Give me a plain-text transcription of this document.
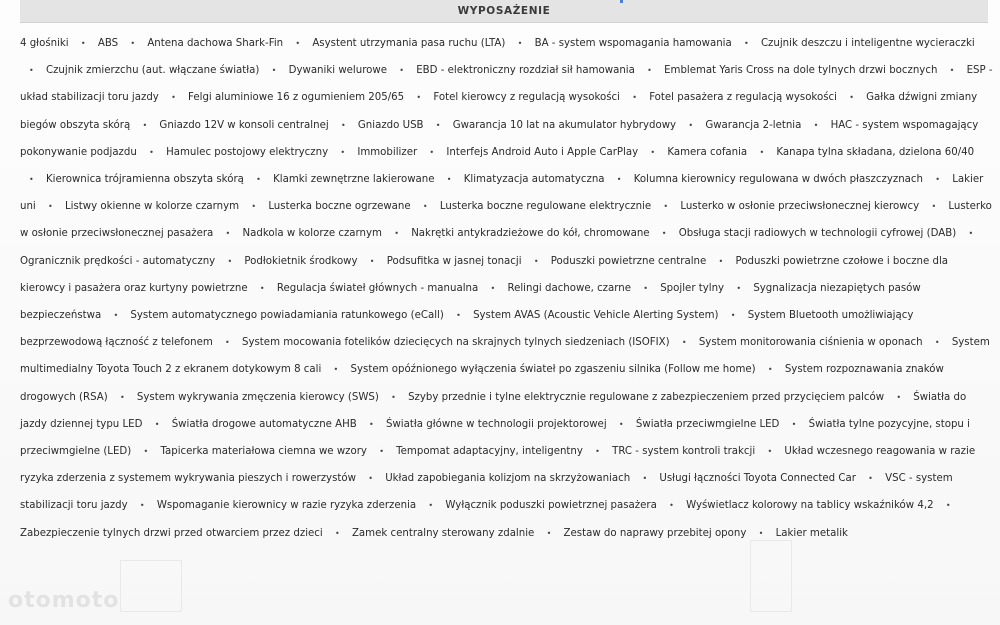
WYPOSAŻENIE

4 głośniki • ABS • Antena dachowa Shark-Fin • Asystent utrzymania pasa ruchu (LTA) • BA - system wspomagania hamowania • Czujnik deszczu i inteligentne wycieraczki • Czujnik zmierzchu (aut. włączane światła) • Dywaniki welurowe • EBD - elektroniczny rozdział sił hamowania • Emblemat Yaris Cross na dole tylnych drzwi bocznych • ESP - układ stabilizacji toru jazdy • Felgi aluminiowe 16 z ogumieniem 205/65 • Fotel kierowcy z regulacją wysokości • Fotel pasażera z regulacją wysokości • Gałka dźwigni zmiany biegów obszyta skórą • Gniazdo 12V w konsoli centralnej • Gniazdo USB • Gwarancja 10 lat na akumulator hybrydowy • Gwarancja 2-letnia • HAC - system wspomagający pokonywanie podjazdu • Hamulec postojowy elektryczny • Immobilizer • Interfejs Android Auto i Apple CarPlay • Kamera cofania • Kanapa tylna składana, dzielona 60/40 • Kierownica trójramienna obszyta skórą • Klamki zewnętrzne lakierowane • Klimatyzacja automatyczna • Kolumna kierownicy regulowana w dwóch płaszczyznach • Lakier uni • Listwy okienne w kolorze czarnym • Lusterka boczne ogrzewane • Lusterka boczne regulowane elektrycznie • Lusterko w osłonie przeciwsłonecznej kierowcy • Lusterko w osłonie przeciwsłonecznej pasażera • Nadkola w kolorze czarnym • Nakrętki antykradzieżowe do kół, chromowane • Obsługa stacji radiowych w technologii cyfrowej (DAB) • Ogranicznik prędkości - automatyczny • Podłokietnik środkowy • Podsufitka w jasnej tonacji • Poduszki powietrzne centralne • Poduszki powietrzne czołowe i boczne dla kierowcy i pasażera oraz kurtyny powietrzne • Regulacja świateł głównych - manualna • Relingi dachowe, czarne • Spojler tylny • Sygnalizacja niezapiętych pasów bezpieczeństwa • System automatycznego powiadamiania ratunkowego (eCall) • System AVAS (Acoustic Vehicle Alerting System) • System Bluetooth umożliwiający bezprzewodową łączność z telefonem • System mocowania fotelików dziecięcych na skrajnych tylnych siedzeniach (ISOFIX) • System monitorowania ciśnienia w oponach • System multimedialny Toyota Touch 2 z ekranem dotykowym 8 cali • System opóźnionego wyłączenia świateł po zgaszeniu silnika (Follow me home) • System rozpoznawania znaków drogowych (RSA) • System wykrywania zmęczenia kierowcy (SWS) • Szyby przednie i tylne elektrycznie regulowane z zabezpieczeniem przed przycięciem palców • Światła do jazdy dziennej typu LED • Światła drogowe automatyczne AHB • Światła główne w technologii projektorowej • Światła przeciwmgielne LED • Światła tylne pozycyjne, stopu i przeciwmgielne (LED) • Tapicerka materiałowa ciemna we wzory • Tempomat adaptacyjny, inteligentny • TRC - system kontroli trakcji • Układ wczesnego reagowania w razie ryzyka zderzenia z systemem wykrywania pieszych i rowerzystów • Układ zapobiegania kolizjom na skrzyżowaniach • Usługi łączności Toyota Connected Car • VSC - system stabilizacji toru jazdy • Wspomaganie kierownicy w razie ryzyka zderzenia • Wyłącznik poduszki powietrznej pasażera • Wyświetlacz kolorowy na tablicy wskaźników 4,2 • Zabezpieczenie tylnych drzwi przed otwarciem przez dzieci • Zamek centralny sterowany zdalnie • Zestaw do naprawy przebitej opony • Lakier metalik

otomoto
